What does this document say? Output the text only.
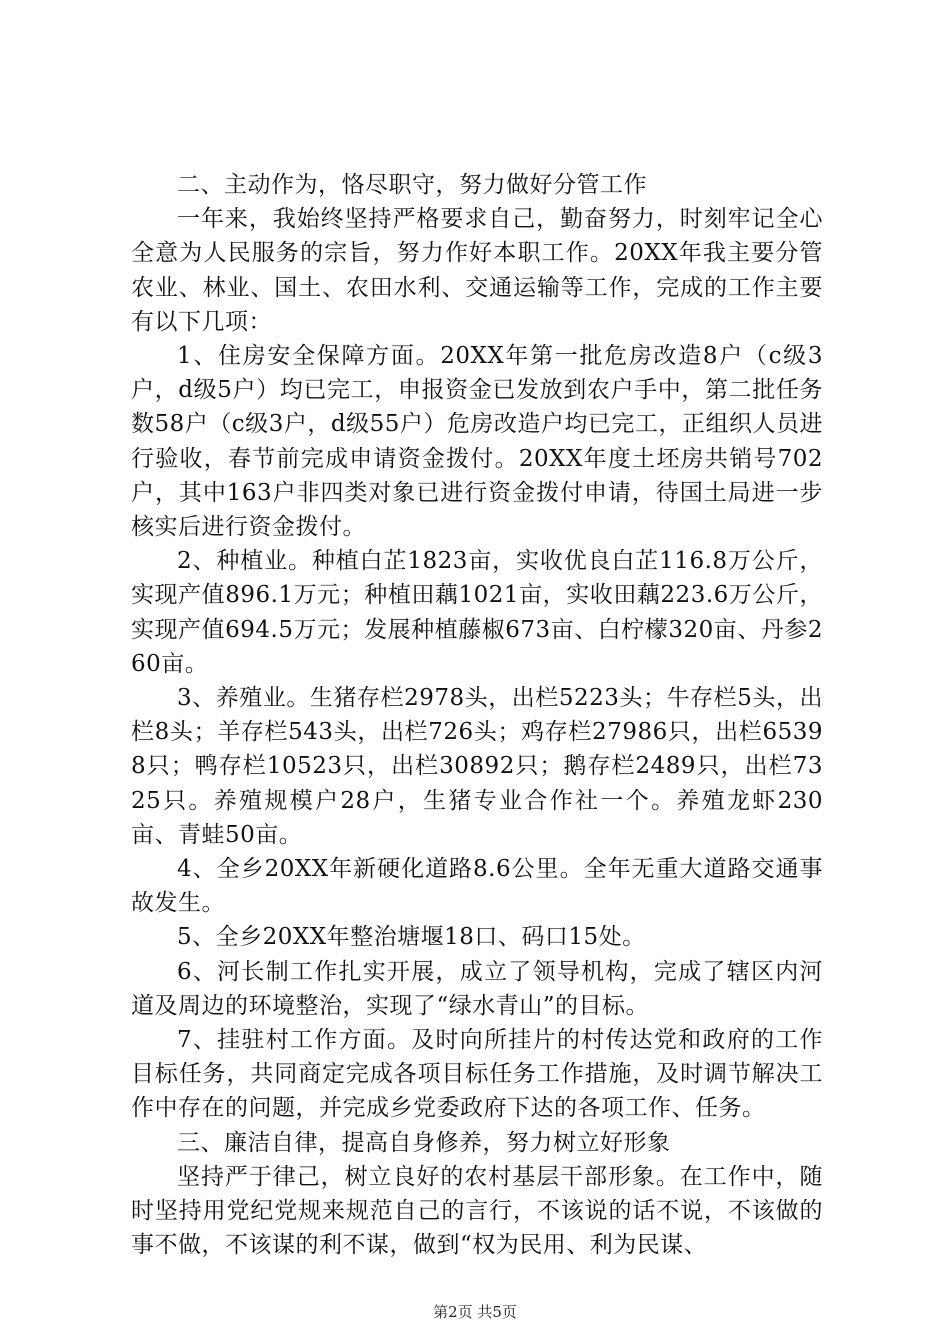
二、主动作为，恪尽职守，努力做好分管工作

一年来，我始终坚持严格要求自己，勤奋努力，时刻牢记全心全意为人民服务的宗旨，努力作好本职工作。20XX年我主要分管农业、林业、国土、农田水利、交通运输等工作，完成的工作主要有以下几项：

1、住房安全保障方面。20XX年第一批危房改造8户（c级3户，d级5户）均已完工，申报资金已发放到农户手中，第二批任务数58户（c级3户，d级55户）危房改造户均已完工，正组织人员进行验收，春节前完成申请资金拨付。20XX年度土坯房共销号702户，其中163户非四类对象已进行资金拨付申请，待国土局进一步核实后进行资金拨付。

2、种植业。种植白芷1823亩，实收优良白芷116.8万公斤，实现产值896.1万元；种植田藕1021亩，实收田藕223.6万公斤，实现产值694.5万元；发展种植藤椒673亩、白柠檬320亩、丹参260亩。

3、养殖业。生猪存栏2978头，出栏5223头；牛存栏5头，出栏8头；羊存栏543头，出栏726头；鸡存栏27986只，出栏65398只；鸭存栏10523只，出栏30892只；鹅存栏2489只，出栏7325只。养殖规模户28户，生猪专业合作社一个。养殖龙虾230亩、青蛙50亩。

4、全乡20XX年新硬化道路8.6公里。全年无重大道路交通事故发生。

5、全乡20XX年整治塘堰18口、码口15处。

6、河长制工作扎实开展，成立了领导机构，完成了辖区内河道及周边的环境整治，实现了“绿水青山”的目标。

7、挂驻村工作方面。及时向所挂片的村传达党和政府的工作目标任务，共同商定完成各项目标任务工作措施，及时调节解决工作中存在的问题，并完成乡党委政府下达的各项工作、任务。

三、廉洁自律，提高自身修养，努力树立好形象

坚持严于律己，树立良好的农村基层干部形象。在工作中，随时坚持用党纪党规来规范自己的言行，不该说的话不说，不该做的事不做，不该谋的利不谋，做到“权为民用、利为民谋、

第2页 共5页
